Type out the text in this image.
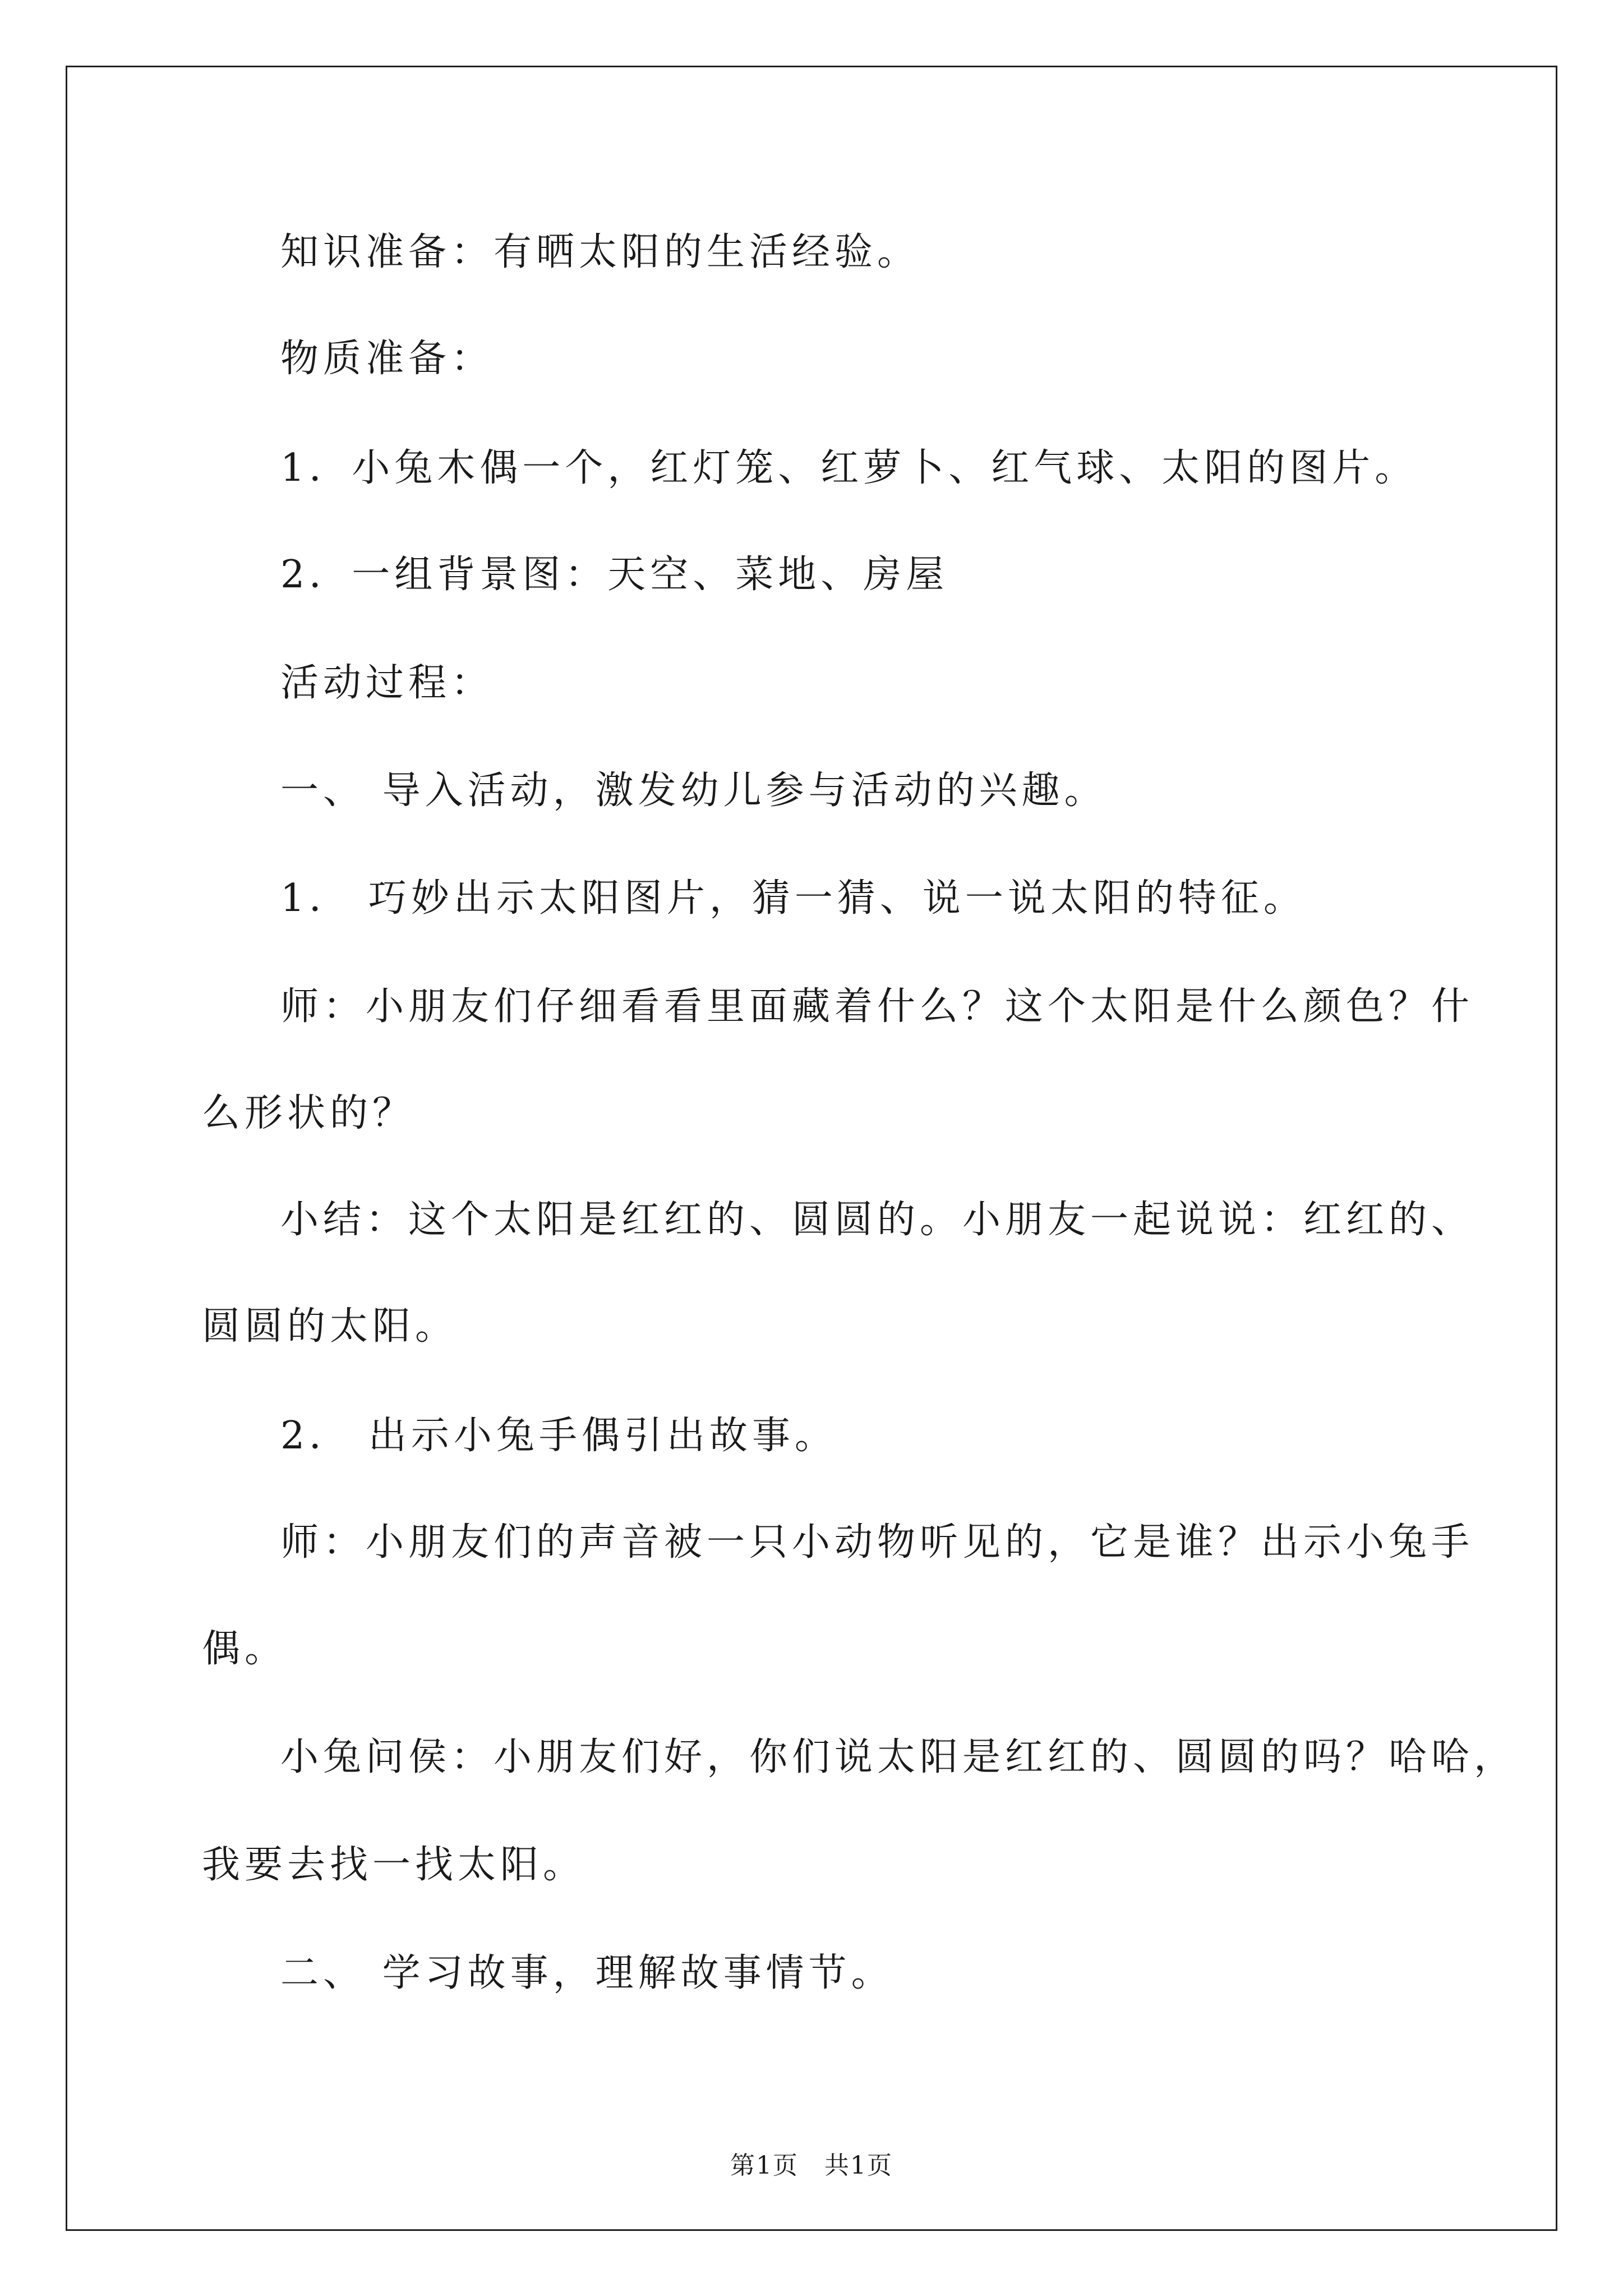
知识准备：有晒太阳的生活经验。
物质准备：
1．小兔木偶一个，红灯笼、红萝卜、红气球、太阳的图片。
2．一组背景图：天空、菜地、房屋
活动过程：
一、 导入活动，激发幼儿参与活动的兴趣。
1． 巧妙出示太阳图片，猜一猜、说一说太阳的特征。
师：小朋友们仔细看看里面藏着什么？这个太阳是什么颜色？什
么形状的？
小结：这个太阳是红红的、圆圆的。小朋友一起说说：红红的、
圆圆的太阳。
2． 出示小兔手偶引出故事。
师：小朋友们的声音被一只小动物听见的，它是谁？出示小兔手
偶。
小兔问侯：小朋友们好，你们说太阳是红红的、圆圆的吗？哈哈，
我要去找一找太阳。
二、 学习故事，理解故事情节。
第1页　共1页
